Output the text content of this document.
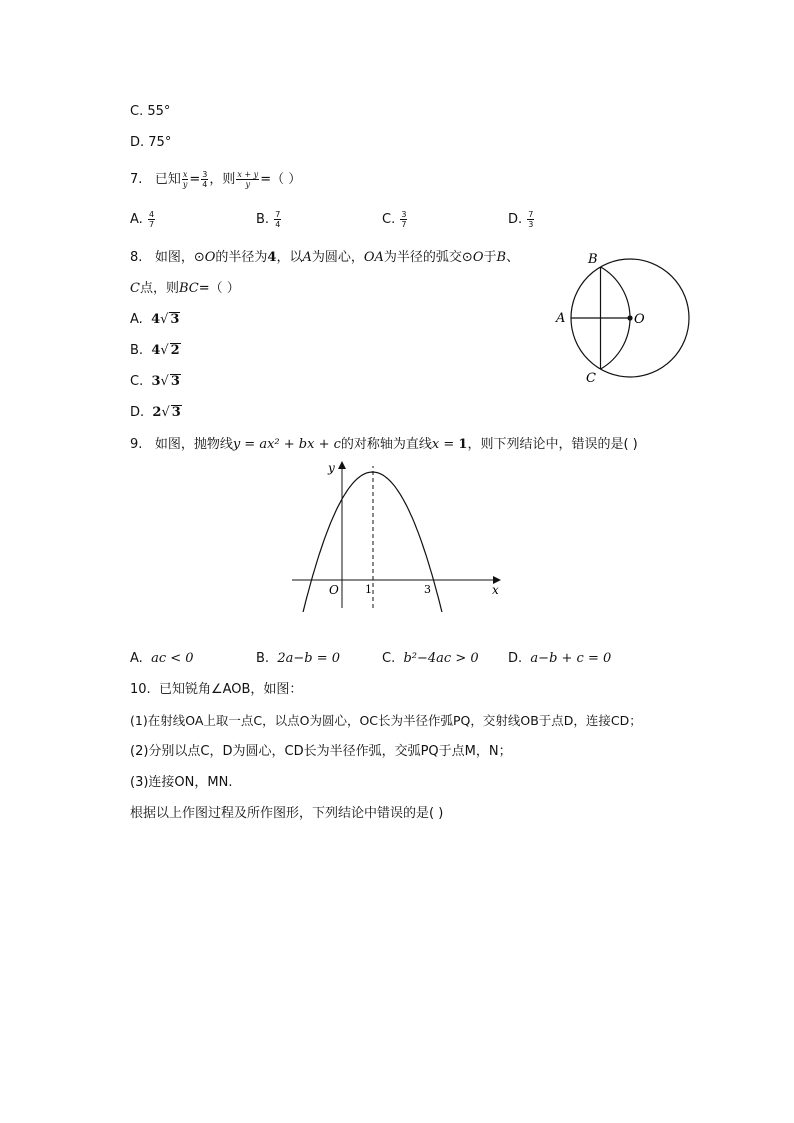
C. 55°
D. 75°
7. 已知 $\frac{x}{y} = \frac{3}{4}$ ，则 $\frac{x + y}{y}$ =（ ）
A. $\frac{4}{7}$	B. $\frac{7}{4}$	C. $\frac{3}{7}$	D. $\frac{7}{3}$
8. 如图，⊙O的半径为4，以A为圆心，OA为半径的弧交⊙O于B、
C点，则BC=（ ）
A. 4√ 3
B. 4√ 2
C. 3√ 3
D. 2√ 3
B
A	O
C
9. 如图，抛物线y = ax² + bx + c的对称轴为直线x = 1，则下列结论中，错误的是( )
y
x
O 1	3
A. ac < 0	B. 2a−b = 0	C. b²−4ac > 0 D. a−b + c = 0
10. 已知锐角∠AOB，如图：
(1)在射线OA上取一点C，以点O为圆心，OC长为半径作弧PQ，交射线OB于点D，连接CD；
(2)分别以点C，D为圆心，CD长为半径作弧，交弧PQ于点M，N；
(3)连接ON，MN.
根据以上作图过程及所作图形，下列结论中错误的是( )
